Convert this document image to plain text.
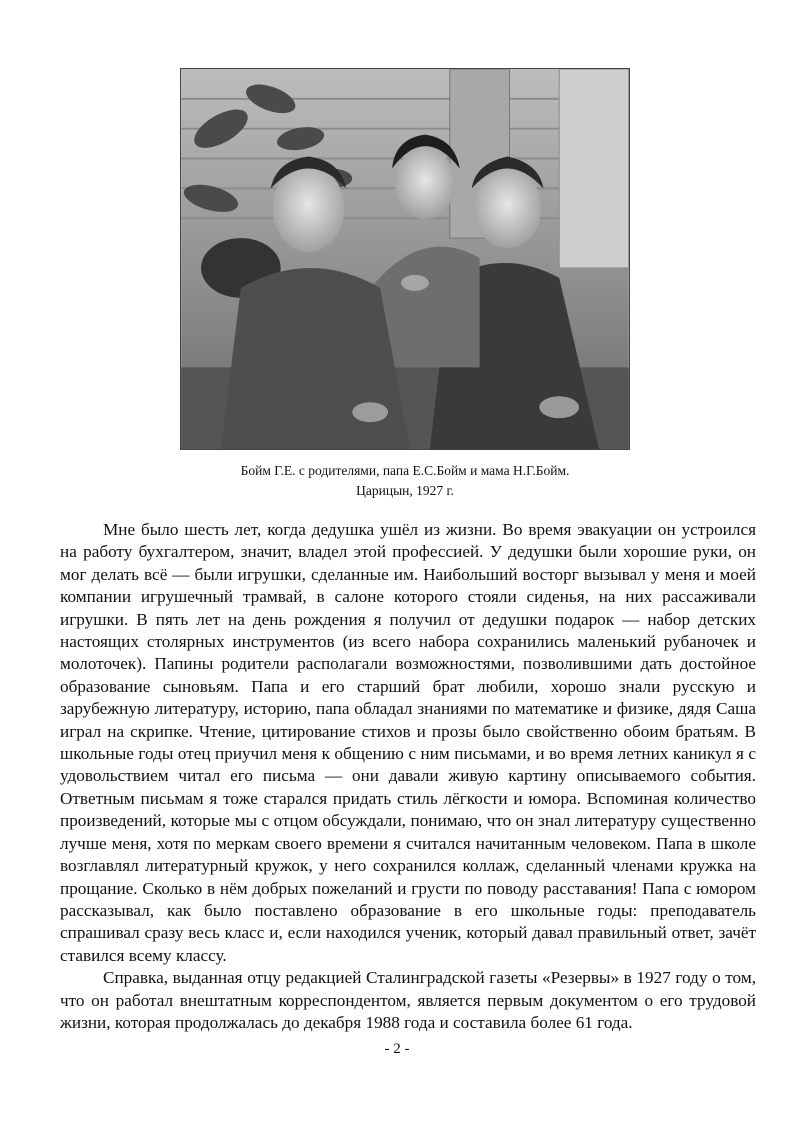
Бойм Г.Е. с родителями, папа Е.С.Бойм и мама Н.Г.Бойм.
Царицын, 1927 г.

Мне было шесть лет, когда дедушка ушёл из жизни. Во время эвакуации он устроился на работу бухгалтером, значит, владел этой профессией. У дедушки были хорошие руки, он мог делать всё — были игрушки, сделанные им. Наибольший восторг вызывал у меня и моей компании игрушечный трамвай, в салоне которого стояли сиденья, на них рассаживали игрушки. В пять лет на день рождения я получил от дедушки подарок — набор детских настоящих столярных инструментов (из всего набора сохранились маленький рубаночек и молоточек). Папины родители располагали возможностями, позволившими дать достойное образование сыновьям. Папа и его старший брат любили, хорошо знали русскую и зарубежную литературу, историю, папа обладал знаниями по математике и физике, дядя Саша играл на скрипке. Чтение, цитирование стихов и прозы было свойственно обоим братьям. В школьные годы отец приучил меня к общению с ним письмами, и во время летних каникул я с удовольствием читал его письма — они давали живую картину описываемого события. Ответным письмам я тоже старался придать стиль лёгкости и юмора. Вспоминая количество произведений, которые мы с отцом обсуждали, понимаю, что он знал литературу существенно лучше меня, хотя по меркам своего времени я считался начитанным человеком. Папа в школе возглавлял литературный кружок, у него сохранился коллаж, сделанный членами кружка на прощание. Сколько в нём добрых пожеланий и грусти по поводу расставания! Папа с юмором рассказывал, как было поставлено образование в его школьные годы: преподаватель спрашивал сразу весь класс и, если находился ученик, который давал правильный ответ, зачёт ставился всему классу.

Справка, выданная отцу редакцией Сталинградской газеты «Резервы» в 1927 году о том, что он работал внештатным корреспондентом, является первым документом о его трудовой жизни, которая продолжалась до декабря 1988 года и составила более 61 года.

- 2 -
